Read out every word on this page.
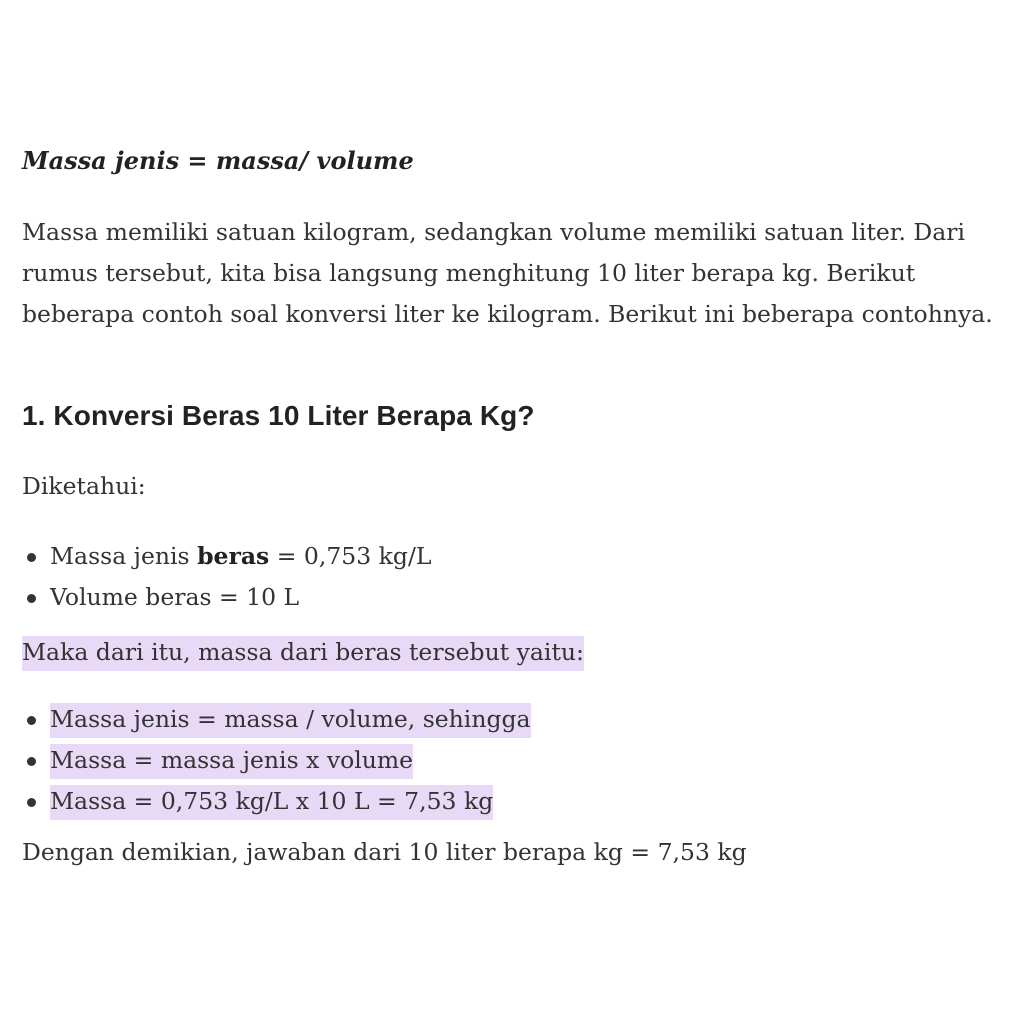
Massa jenis = massa/ volume

Massa memiliki satuan kilogram, sedangkan volume memiliki satuan liter. Dari rumus tersebut, kita bisa langsung menghitung 10 liter berapa kg. Berikut beberapa contoh soal konversi liter ke kilogram. Berikut ini beberapa contohnya.

1. Konversi Beras 10 Liter Berapa Kg?

Diketahui:

Massa jenis beras = 0,753 kg/L
Volume beras = 10 L

Maka dari itu, massa dari beras tersebut yaitu:

Massa jenis = massa / volume, sehingga
Massa = massa jenis x volume
Massa = 0,753 kg/L x 10 L = 7,53 kg

Dengan demikian, jawaban dari 10 liter berapa kg = 7,53 kg
